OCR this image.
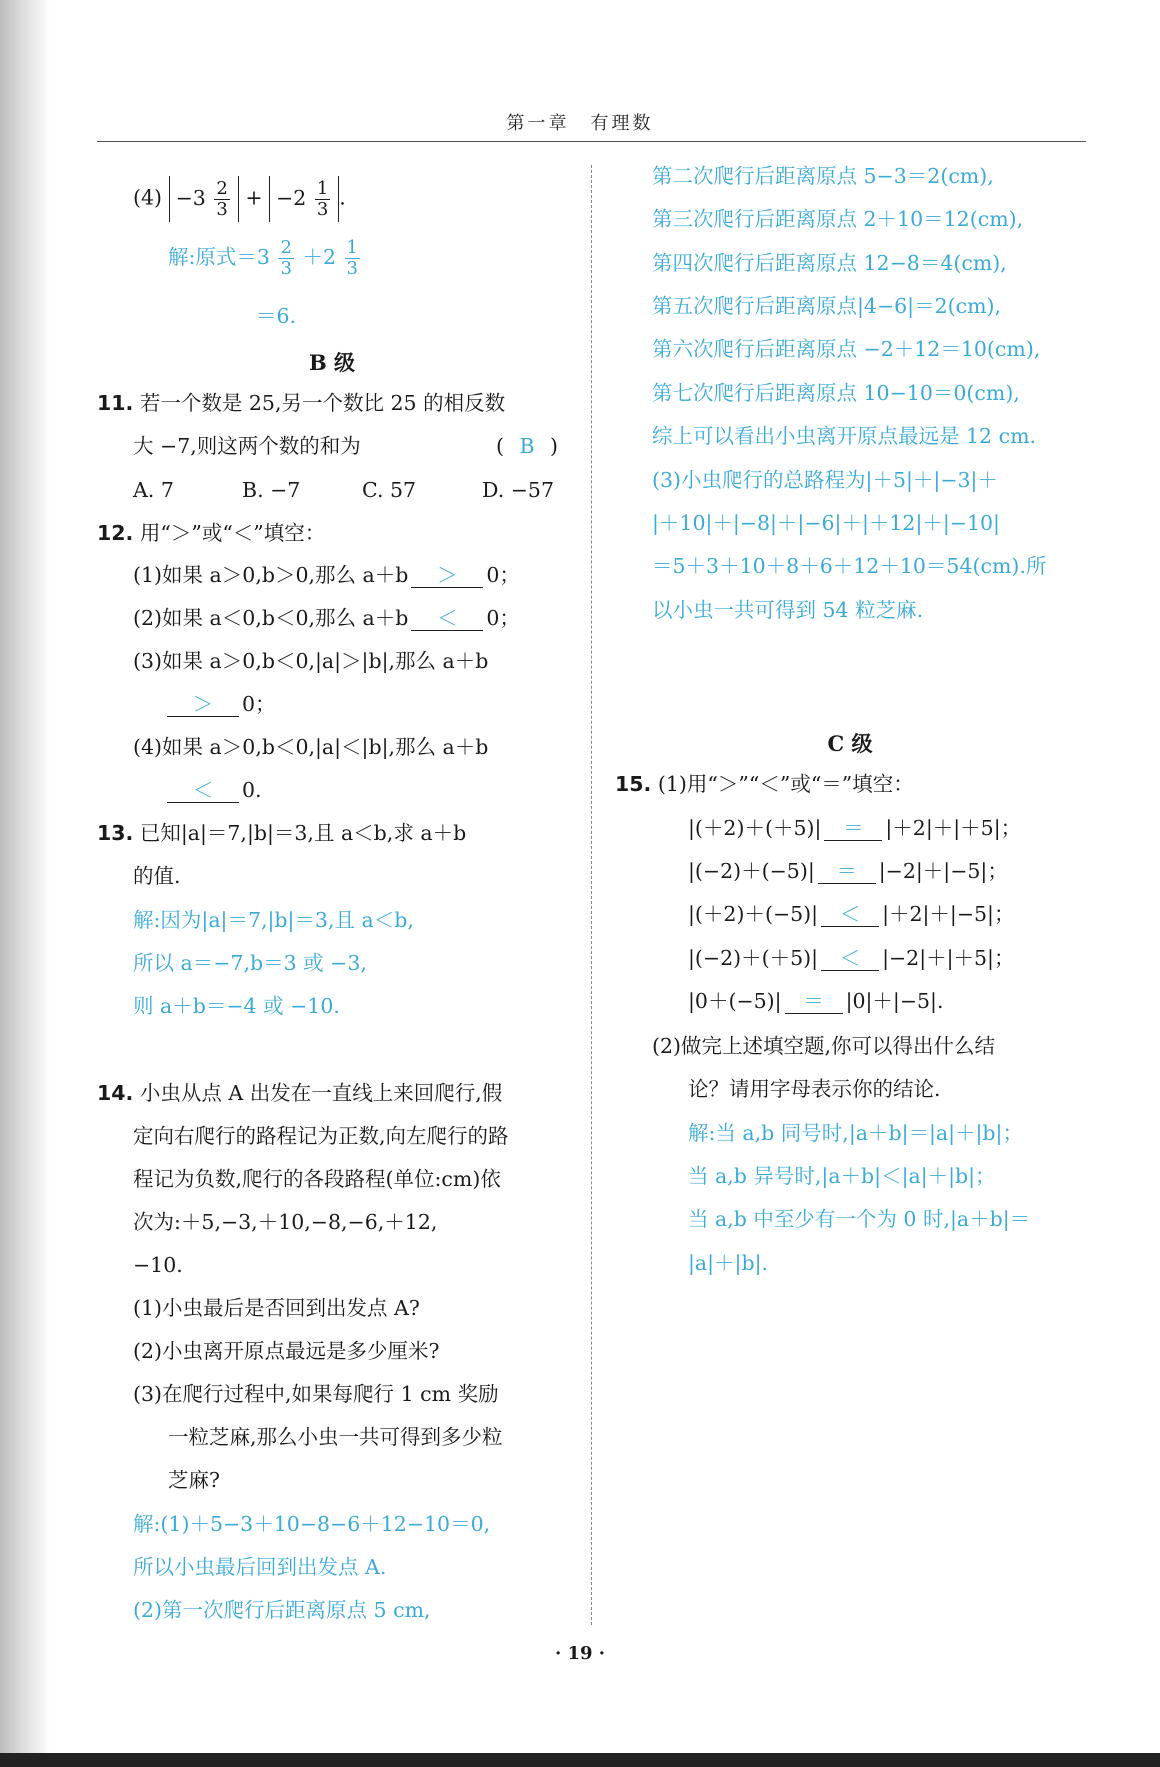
第一章　有理数
$(4) -3 \frac{2}{3} + -2 \frac{1}{3}$ .
解:原式$=3 \frac{2}{3} +2 \frac{1}{3}$
＝6.
B 级
11. 若一个数是 25,另一个数比 25 的相反数
大 −7,则这两个数的和为	( B )
A. 7	B. −7	C. 57	D. −57
12. 用“＞”或“＜”填空：
(1)如果 a＞0,b＞0,那么 a＋b ＞ 0；
(2)如果 a＜0,b＜0,那么 a＋b ＜ 0；
(3)如果 a＞0,b＜0,|a|＞|b|,那么 a＋b
＞ 0；
(4)如果 a＞0,b＜0,|a|＜|b|,那么 a＋b
＜ 0.
13. 已知|a|＝7,|b|＝3,且 a＜b,求 a＋b
的值.
解:因为|a|＝7,|b|＝3,且 a＜b,
所以 a＝−7,b＝3 或 −3,
则 a＋b＝−4 或 −10.
14. 小虫从点 A 出发在一直线上来回爬行,假
定向右爬行的路程记为正数,向左爬行的路
程记为负数,爬行的各段路程(单位:cm)依
次为:＋5,−3,＋10,−8,−6,＋12,
−10.
(1)小虫最后是否回到出发点 A?
(2)小虫离开原点最远是多少厘米?
(3)在爬行过程中,如果每爬行 1 cm 奖励
一粒芝麻,那么小虫一共可得到多少粒
芝麻?
解:(1)＋5−3＋10−8−6＋12−10＝0,
所以小虫最后回到出发点 A.
(2)第一次爬行后距离原点 5 cm,
第二次爬行后距离原点 5−3＝2(cm),
第三次爬行后距离原点 2＋10＝12(cm),
第四次爬行后距离原点 12−8＝4(cm),
第五次爬行后距离原点|4−6|＝2(cm),
第六次爬行后距离原点 −2＋12＝10(cm),
第七次爬行后距离原点 10−10＝0(cm),
综上可以看出小虫离开原点最远是 12 cm.
(3)小虫爬行的总路程为|＋5|＋|−3|＋
|＋10|＋|−8|＋|−6|＋|＋12|＋|−10|
＝5＋3＋10＋8＋6＋12＋10＝54(cm).所
以小虫一共可得到 54 粒芝麻.
C 级
15. (1)用“＞”“＜”或“＝”填空：
|(＋2)＋(＋5)| ＝ |＋2|＋|＋5|；
|(−2)＋(−5)| ＝ |−2|＋|−5|；
|(＋2)＋(−5)| ＜ |＋2|＋|−5|；
|(−2)＋(＋5)| ＜ |−2|＋|＋5|；
|0＋(−5)| ＝ |0|＋|−5|.
(2)做完上述填空题,你可以得出什么结
论？请用字母表示你的结论.
解:当 a,b 同号时,|a＋b|＝|a|＋|b|；
当 a,b 异号时,|a＋b|＜|a|＋|b|；
当 a,b 中至少有一个为 0 时,|a＋b|＝
|a|＋|b|.
· 19 ·
